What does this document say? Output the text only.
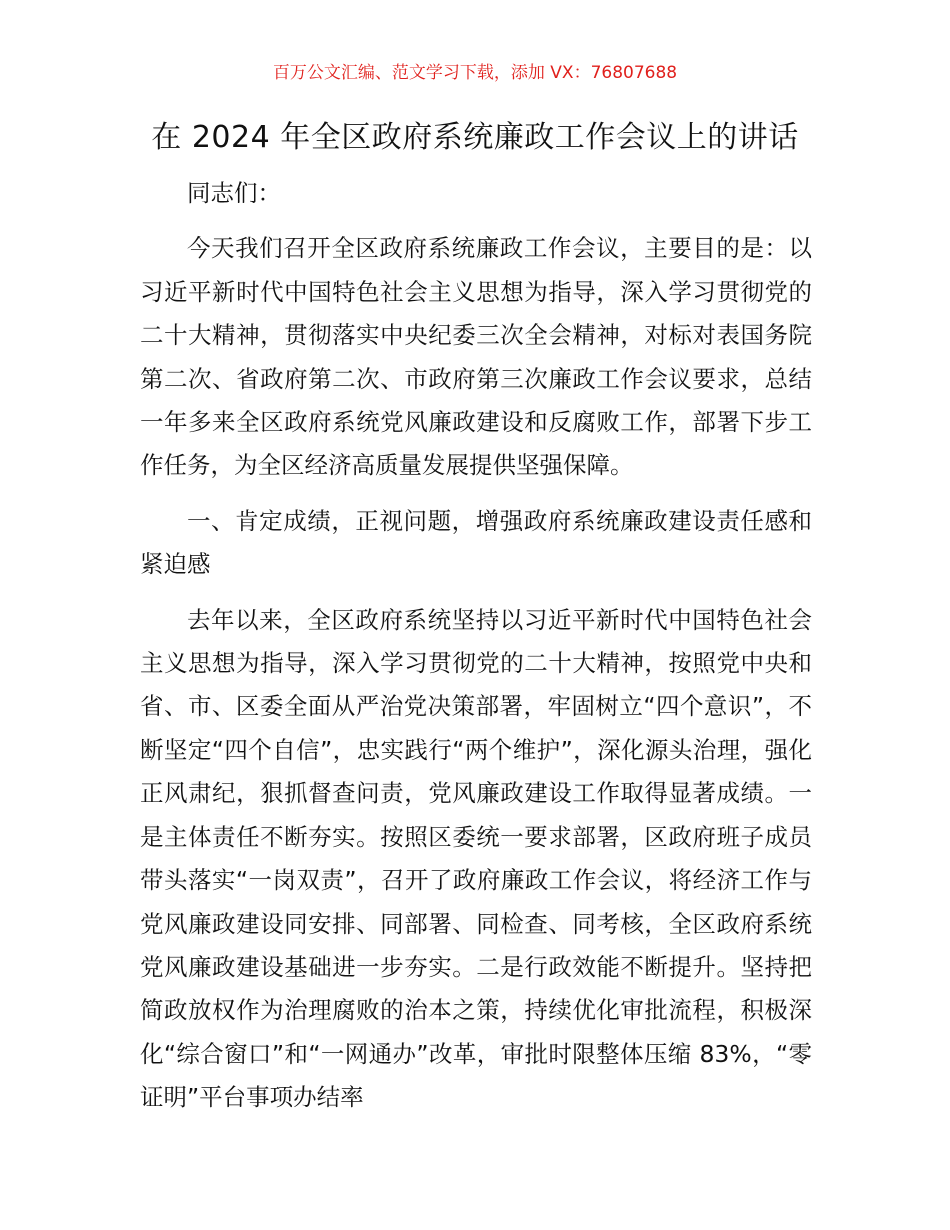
百万公文汇编、范文学习下载，添加 VX：76807688

在 2024 年全区政府系统廉政工作会议上的讲话

同志们：

今天我们召开全区政府系统廉政工作会议，主要目的是：以习近平新时代中国特色社会主义思想为指导，深入学习贯彻党的二十大精神，贯彻落实中央纪委三次全会精神，对标对表国务院第二次、省政府第二次、市政府第三次廉政工作会议要求，总结一年多来全区政府系统党风廉政建设和反腐败工作，部署下步工作任务，为全区经济高质量发展提供坚强保障。

一、肯定成绩，正视问题，增强政府系统廉政建设责任感和紧迫感

去年以来，全区政府系统坚持以习近平新时代中国特色社会主义思想为指导，深入学习贯彻党的二十大精神，按照党中央和省、市、区委全面从严治党决策部署，牢固树立“四个意识”，不断坚定“四个自信”，忠实践行“两个维护”，深化源头治理，强化正风肃纪，狠抓督查问责，党风廉政建设工作取得显著成绩。一是主体责任不断夯实。按照区委统一要求部署，区政府班子成员带头落实“一岗双责”，召开了政府廉政工作会议，将经济工作与党风廉政建设同安排、同部署、同检查、同考核，全区政府系统党风廉政建设基础进一步夯实。二是行政效能不断提升。坚持把简政放权作为治理腐败的治本之策，持续优化审批流程，积极深化“综合窗口”和“一网通办”改革，审批时限整体压缩 83%，“零证明”平台事项办结率
